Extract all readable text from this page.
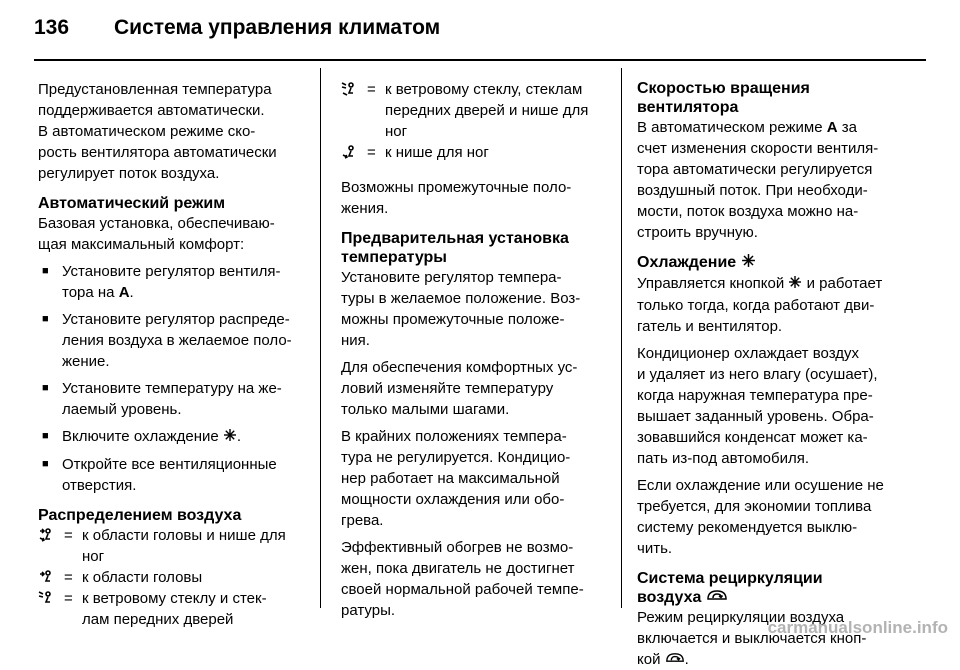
136	Система управления климатом

Предустановленная температура
поддерживается автоматически.
В автоматическом режиме ско-
рость вентилятора автоматически
регулирует поток воздуха.

Автоматический режим

Базовая установка, обеспечиваю-
щая максимальный комфорт:

■ Установите регулятор вентиля-
тора на A.
■ Установите регулятор распреде-
ления воздуха в желаемое поло-
жение.
■ Установите температуру на же-
лаемый уровень.
■ Включите охлаждение .
■ Откройте все вентиляционные
отверстия.
Распределением воздуха
= к области головы и нише для
ног
= к области головы
= к ветровому стеклу и стек-
лам передних дверей
= к ветровому стеклу, стеклам
передних дверей и нише для
ног
= к нише для ног

Возможны промежуточные поло-
жения.

Предварительная установка
температуры

Установите регулятор темпера-
туры в желаемое положение. Воз-
можны промежуточные положе-
ния.

Для обеспечения комфортных ус-
ловий изменяйте температуру
только малыми шагами.

В крайних положениях темпера-
тура не регулируется. Кондицио-
нер работает на максимальной
мощности охлаждения или обо-
грева.

Эффективный обогрев не возмо-
жен, пока двигатель не достигнет
своей нормальной рабочей темпе-
ратуры.

Скоростью вращения
вентилятора

В автоматическом режиме A за
счет изменения скорости вентиля-
тора автоматически регулируется
воздушный поток. При необходи-
мости, поток воздуха можно на-
строить вручную.

Охлаждение

Управляется кнопкой  и работает
только тогда, когда работают дви-
гатель и вентилятор.

Кондиционер охлаждает воздух
и удаляет из него влагу (осушает),
когда наружная температура пре-
вышает заданный уровень. Обра-
зовавшийся конденсат может ка-
пать из-под автомобиля.

Если охлаждение или осушение не
требуется, для экономии топлива
систему рекомендуется выклю-
чить.

Система рециркуляции
воздуха

Режим рециркуляции воздуха
включается и выключается кноп-
кой .

carmanualsonline.info
